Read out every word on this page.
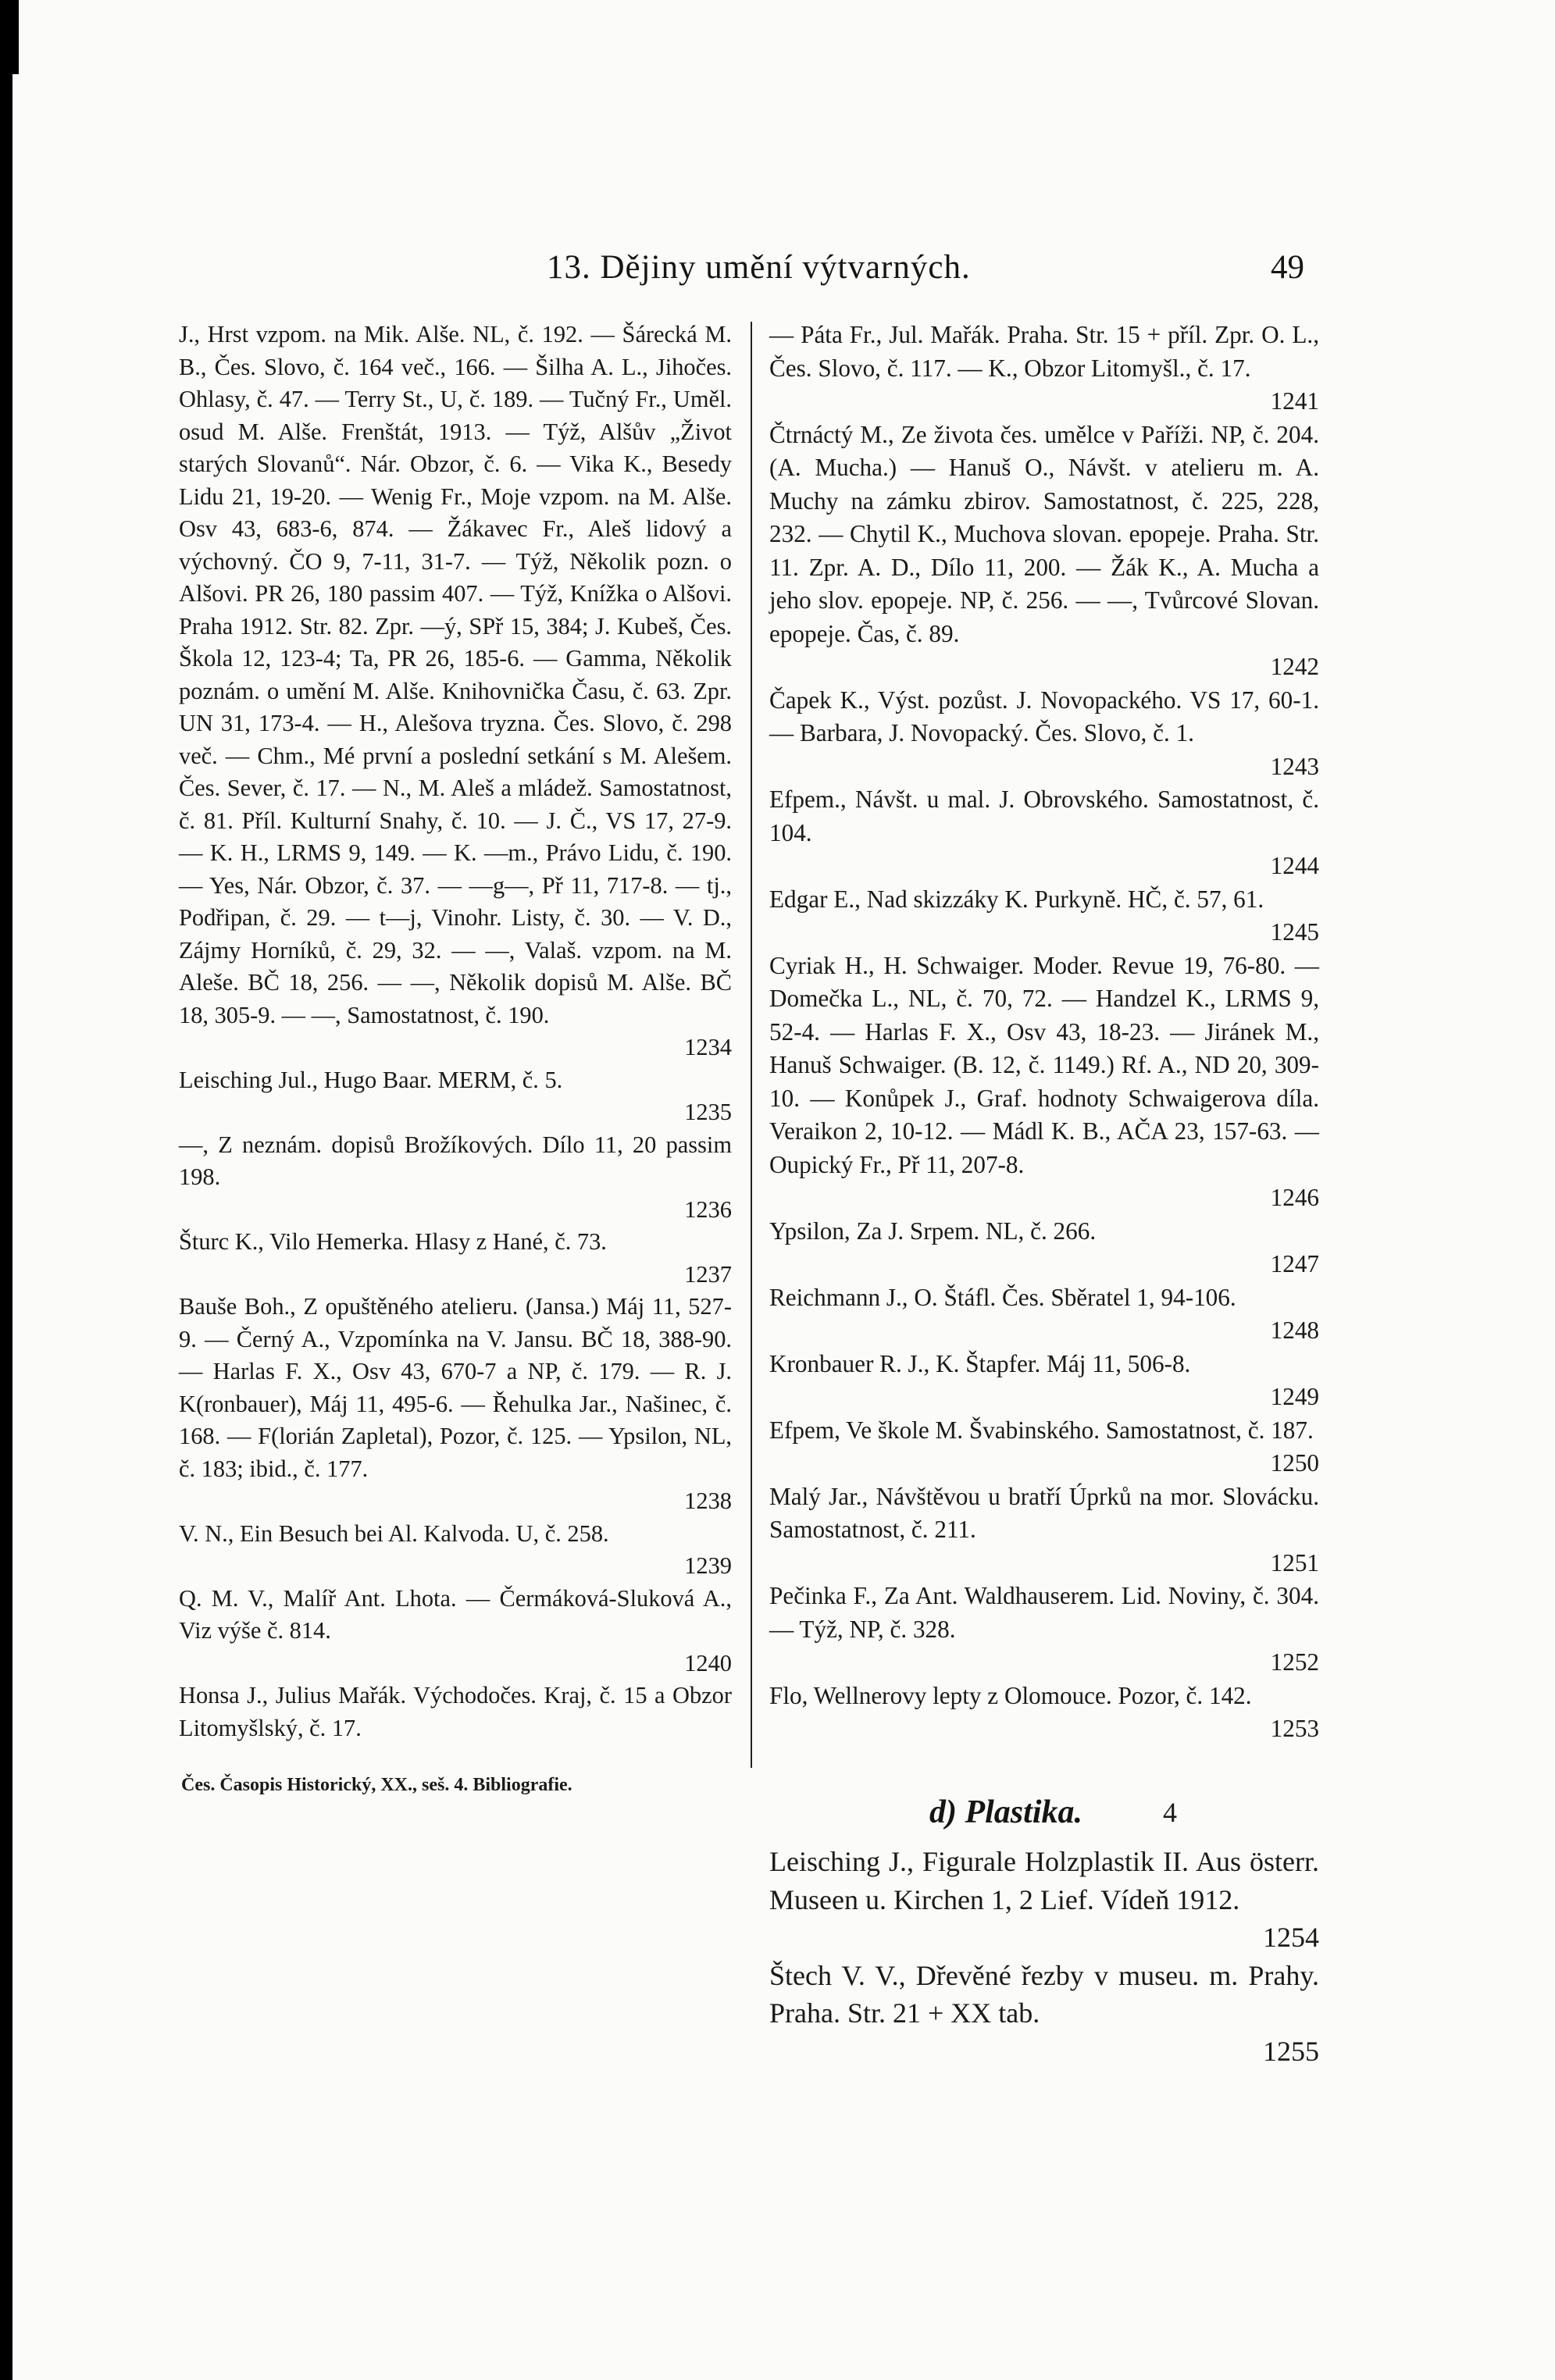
13. Dějiny umění výtvarných.	49

J., Hrst vzpom. na Mik. Alše. NL, č. 192. — Šárecká M. B., Čes. Slovo, č. 164 več., 166. — Šilha A. L., Jihočes. Ohlasy, č. 47. — Terry St., U, č. 189. — Tučný Fr., Uměl. osud M. Alše. Frenštát, 1913. — Týž, Alšův „Život starých Slovanů“. Nár. Obzor, č. 6. — Vika K., Besedy Lidu 21, 19-20. — Wenig Fr., Moje vzpom. na M. Alše. Osv 43, 683-6, 874. — Žákavec Fr., Aleš lidový a výchovný. ČO 9, 7-11, 31-7. — Týž, Několik pozn. o Alšovi. PR 26, 180 passim 407. — Týž, Knížka o Alšovi. Praha 1912. Str. 82. Zpr. —ý, SPř 15, 384; J. Kubeš, Čes. Škola 12, 123-4; Ta, PR 26, 185-6. — Gamma, Několik poznám. o umění M. Alše. Knihovnička Času, č. 63. Zpr. UN 31, 173-4. — H., Alešova tryzna. Čes. Slovo, č. 298 več. — Chm., Mé první a poslední setkání s M. Alešem. Čes. Sever, č. 17. — N., M. Aleš a mládež. Samostatnost, č. 81. Příl. Kulturní Snahy, č. 10. — J. Č., VS 17, 27-9. — K. H., LRMS 9, 149. — K. —m., Právo Lidu, č. 190. — Yes, Nár. Obzor, č. 37. — —g—, Př 11, 717-8. — tj., Podřipan, č. 29. — t—j, Vinohr. Listy, č. 30. — V. D., Zájmy Horníků, č. 29, 32. — —, Valaš. vzpom. na M. Aleše. BČ 18, 256. — —, Několik dopisů M. Alše. BČ 18, 305-9. — —, Samostatnost, č. 190.

1234

Leisching Jul., Hugo Baar. MERM, č. 5.

1235

—, Z neznám. dopisů Brožíkových. Dílo 11, 20 passim 198.

1236

Šturc K., Vilo Hemerka. Hlasy z Hané, č. 73.

1237

Bauše Boh., Z opuštěného atelieru. (Jansa.) Máj 11, 527-9. — Černý A., Vzpomínka na V. Jansu. BČ 18, 388-90. — Harlas F. X., Osv 43, 670-7 a NP, č. 179. — R. J. K(ronbauer), Máj 11, 495-6. — Řehulka Jar., Našinec, č. 168. — F(lorián Zapletal), Pozor, č. 125. — Ypsilon, NL, č. 183; ibid., č. 177.

1238

V. N., Ein Besuch bei Al. Kalvoda. U, č. 258.

1239

Q. M. V., Malíř Ant. Lhota. — Čermáková-Sluková A., Viz výše č. 814.

1240

Honsa J., Julius Mařák. Východočes. Kraj, č. 15 a Obzor Litomyšlský, č. 17.

— Páta Fr., Jul. Mařák. Praha. Str. 15 + příl. Zpr. O. L., Čes. Slovo, č. 117. — K., Obzor Litomyšl., č. 17.

1241

Čtrnáctý M., Ze života čes. umělce v Paříži. NP, č. 204. (A. Mucha.) — Hanuš O., Návšt. v atelieru m. A. Muchy na zámku zbirov. Samostatnost, č. 225, 228, 232. — Chytil K., Muchova slovan. epopeje. Praha. Str. 11. Zpr. A. D., Dílo 11, 200. — Žák K., A. Mucha a jeho slov. epopeje. NP, č. 256. — —, Tvůrcové Slovan. epopeje. Čas, č. 89.

1242

Čapek K., Výst. pozůst. J. Novopackého. VS 17, 60-1. — Barbara, J. Novopacký. Čes. Slovo, č. 1.

1243

Efpem., Návšt. u mal. J. Obrovského. Samostatnost, č. 104.

1244

Edgar E., Nad skizzáky K. Purkyně. HČ, č. 57, 61.

1245

Cyriak H., H. Schwaiger. Moder. Revue 19, 76-80. — Domečka L., NL, č. 70, 72. — Handzel K., LRMS 9, 52-4. — Harlas F. X., Osv 43, 18-23. — Jiránek M., Hanuš Schwaiger. (B. 12, č. 1149.) Rf. A., ND 20, 309-10. — Konůpek J., Graf. hodnoty Schwaigerova díla. Veraikon 2, 10-12. — Mádl K. B., AČA 23, 157-63. — Oupický Fr., Př 11, 207-8.

1246

Ypsilon, Za J. Srpem. NL, č. 266.

1247

Reichmann J., O. Štáfl. Čes. Sběratel 1, 94-106.

1248

Kronbauer R. J., K. Štapfer. Máj 11, 506-8.

1249

Efpem, Ve škole M. Švabinského. Samostatnost, č. 187.

1250

Malý Jar., Návštěvou u bratří Úprků na mor. Slovácku. Samostatnost, č. 211.

1251

Pečinka F., Za Ant. Waldhauserem. Lid. Noviny, č. 304. — Týž, NP, č. 328.

1252

Flo, Wellnerovy lepty z Olomouce. Pozor, č. 142.

1253

d) Plastika.

Leisching J., Figurale Holzplastik II. Aus österr. Museen u. Kirchen 1, 2 Lief. Vídeň 1912.

1254

Štech V. V., Dřevěné řezby v museu. m. Prahy. Praha. Str. 21 + XX tab.

1255

Čes. Časopis Historický, XX., seš. 4. Bibliografie.
4
